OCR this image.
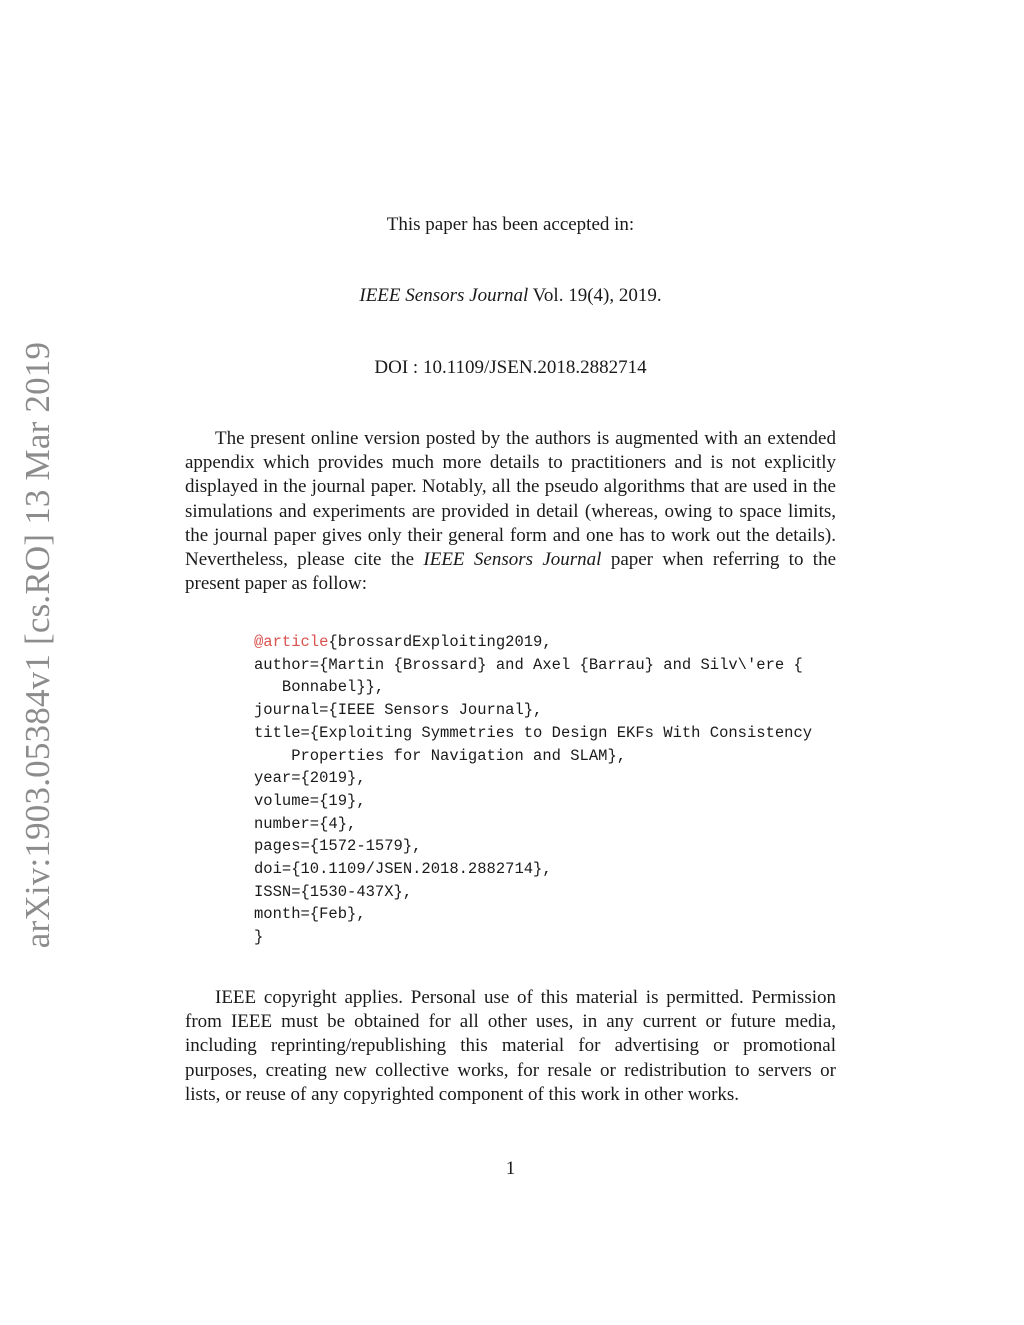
arXiv:1903.05384v1 [cs.RO] 13 Mar 2019
This paper has been accepted in:
IEEE Sensors Journal Vol. 19(4), 2019.
DOI : 10.1109/JSEN.2018.2882714

The present online version posted by the authors is augmented with an extended appendix which provides much more details to practitioners and is not explicitly displayed in the journal paper. Notably, all the pseudo algorithms that are used in the simulations and experiments are provided in detail (whereas, owing to space limits, the journal paper gives only their general form and one has to work out the details). Nevertheless, please cite the IEEE Sensors Journal paper when referring to the present paper as follow:

@article{brossardExploiting2019,
author={Martin {Brossard} and Axel {Barrau} and Silv\'ere {
Bonnabel}},
journal={IEEE Sensors Journal},
title={Exploiting Symmetries to Design EKFs With Consistency
Properties for Navigation and SLAM},
year={2019},
volume={19},
number={4},
pages={1572-1579},
doi={10.1109/JSEN.2018.2882714},
ISSN={1530-437X},
month={Feb},
}

IEEE copyright applies. Personal use of this material is permitted. Permission from IEEE must be obtained for all other uses, in any current or future media, including reprinting/republishing this material for advertising or promotional purposes, creating new collective works, for resale or redistribution to servers or lists, or reuse of any copyrighted component of this work in other works.

1
